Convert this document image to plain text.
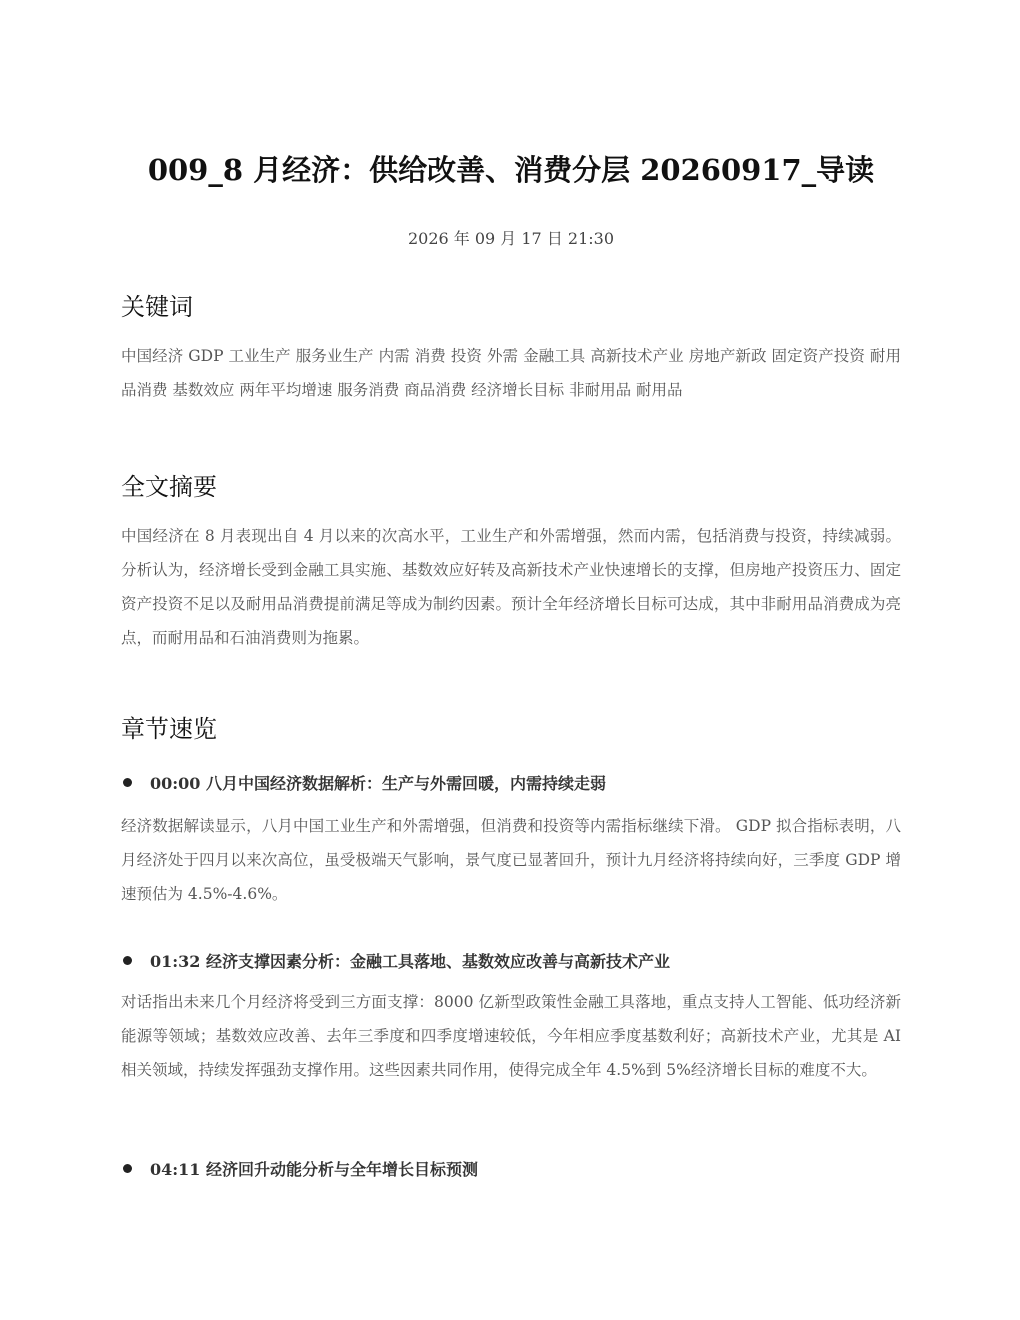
009_8 月经济：供给改善、消费分层 20260917_导读
2026 年 09 月 17 日 21:30
关键词

中国经济 GDP 工业生产 服务业生产 内需 消费 投资 外需 金融工具 高新技术产业 房地产新政 固定资产投资 耐用品消费 基数效应 两年平均增速 服务消费 商品消费 经济增长目标 非耐用品 耐用品

全文摘要

中国经济在 8 月表现出自 4 月以来的次高水平，工业生产和外需增强，然而内需，包括消费与投资，持续减弱。分析认为，经济增长受到金融工具实施、基数效应好转及高新技术产业快速增长的支撑，但房地产投资压力、固定资产投资不足以及耐用品消费提前满足等成为制约因素。预计全年经济增长目标可达成，其中非耐用品消费成为亮点，而耐用品和石油消费则为拖累。

章节速览
00:00 八月中国经济数据解析：生产与外需回暖，内需持续走弱

经济数据解读显示，八月中国工业生产和外需增强，但消费和投资等内需指标继续下滑。 GDP 拟合指标表明，八月经济处于四月以来次高位，虽受极端天气影响，景气度已显著回升，预计九月经济将持续向好，三季度 GDP 增速预估为 4.5%-4.6%。

01:32 经济支撑因素分析：金融工具落地、基数效应改善与高新技术产业

对话指出未来几个月经济将受到三方面支撑：8000 亿新型政策性金融工具落地，重点支持人工智能、低功经济新能源等领域；基数效应改善、去年三季度和四季度增速较低，今年相应季度基数利好；高新技术产业，尤其是 AI 相关领域，持续发挥强劲支撑作用。这些因素共同作用，使得完成全年 4.5%到 5%经济增长目标的难度不大。

04:11 经济回升动能分析与全年增长目标预测
